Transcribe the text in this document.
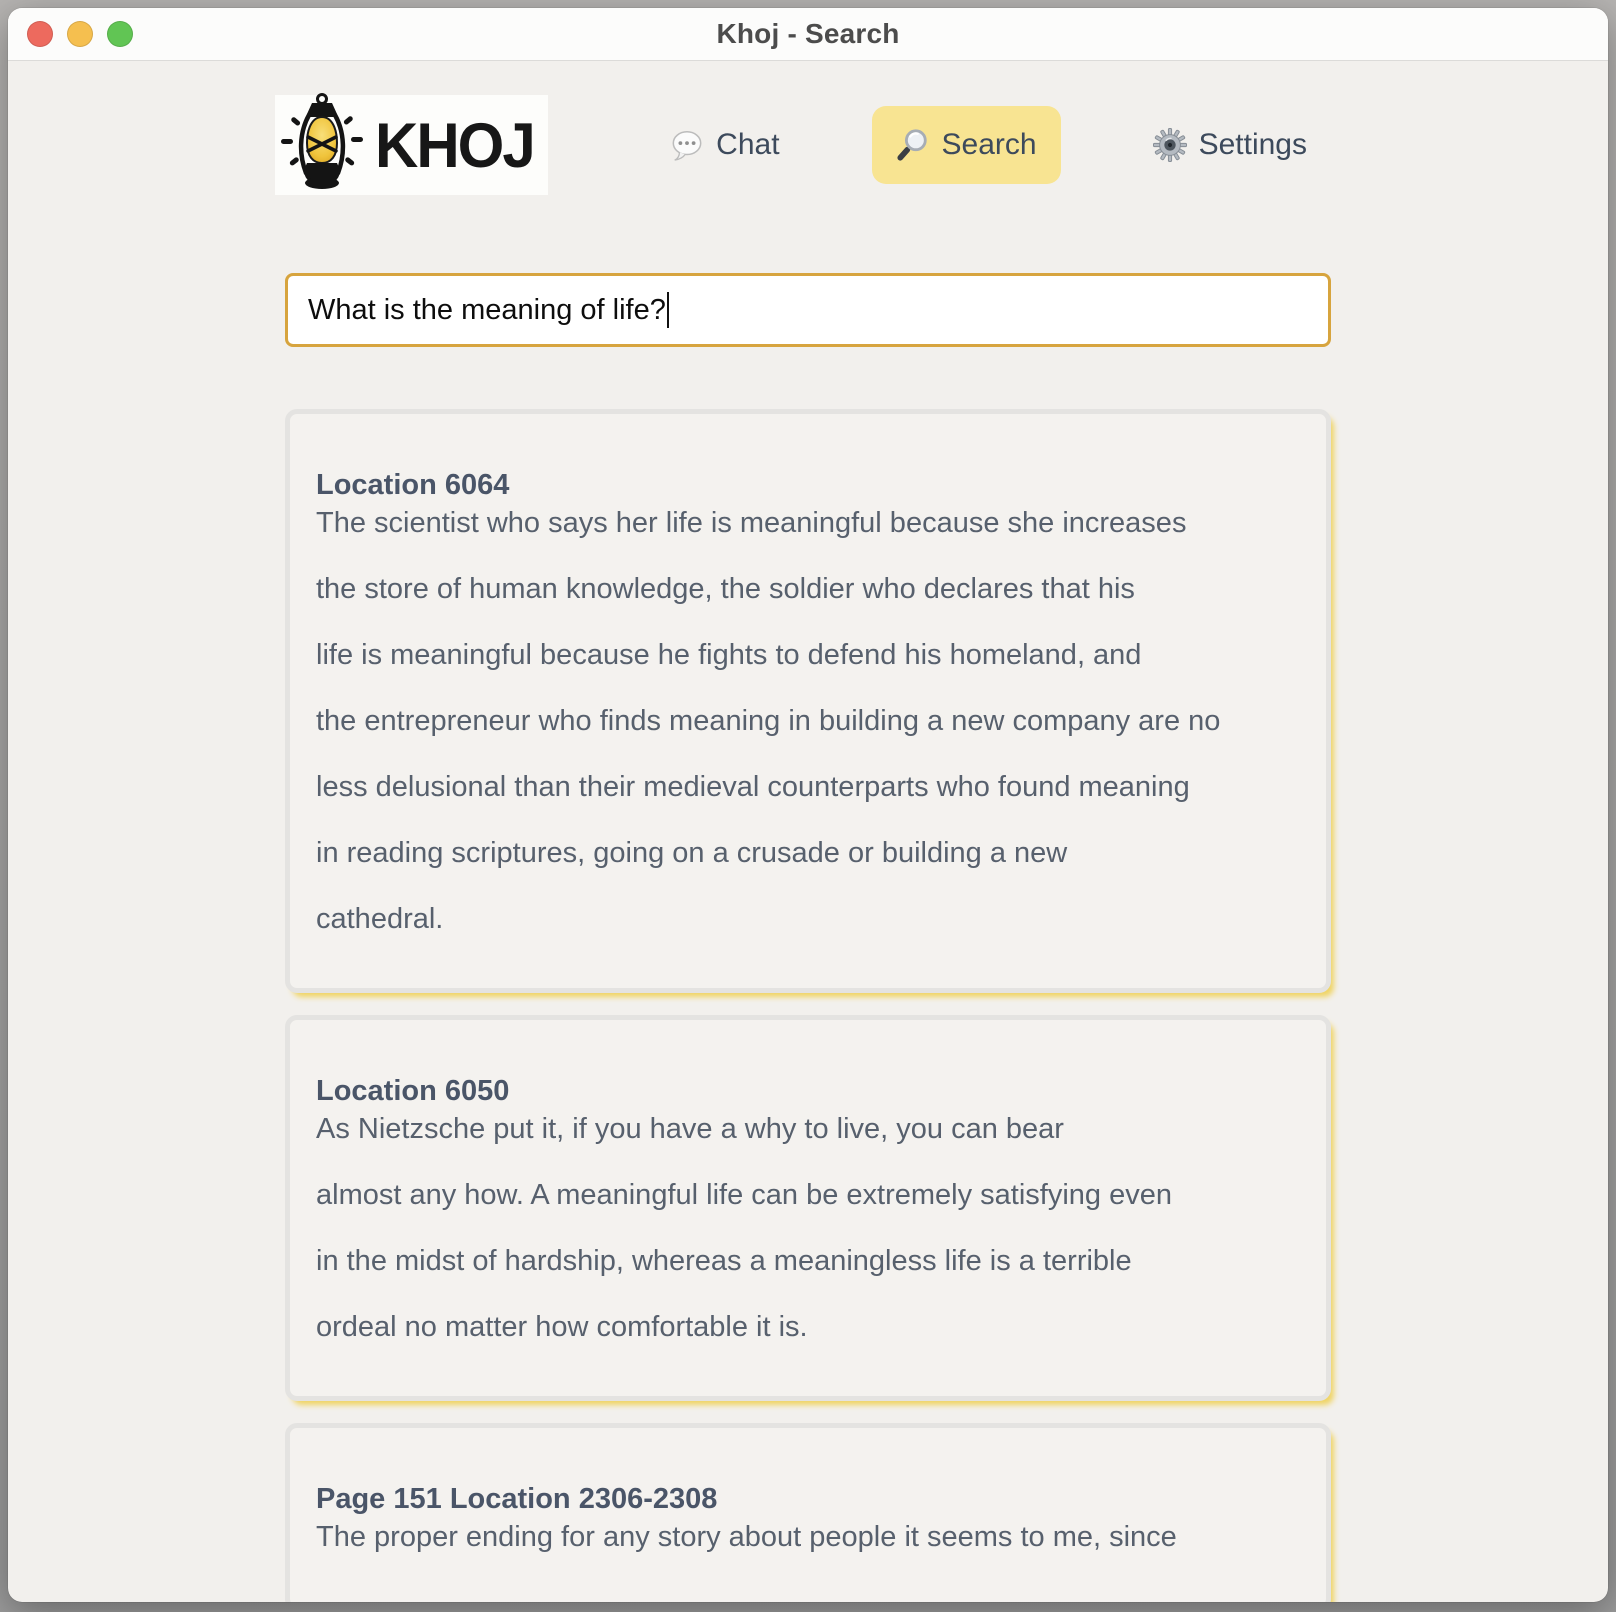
Khoj - Search
KHOJ	Chat	Search	Settings
What is the meaning of life?
Location 6064

The scientist who says her life is meaningful because she increases

the store of human knowledge, the soldier who declares that his

life is meaningful because he fights to defend his homeland, and

the entrepreneur who finds meaning in building a new company are no

less delusional than their medieval counterparts who found meaning

in reading scriptures, going on a crusade or building a new

cathedral.

Location 6050

As Nietzsche put it, if you have a why to live, you can bear

almost any how. A meaningful life can be extremely satisfying even

in the midst of hardship, whereas a meaningless life is a terrible

ordeal no matter how comfortable it is.

Page 151 Location 2306-2308

The proper ending for any story about people it seems to me, since
